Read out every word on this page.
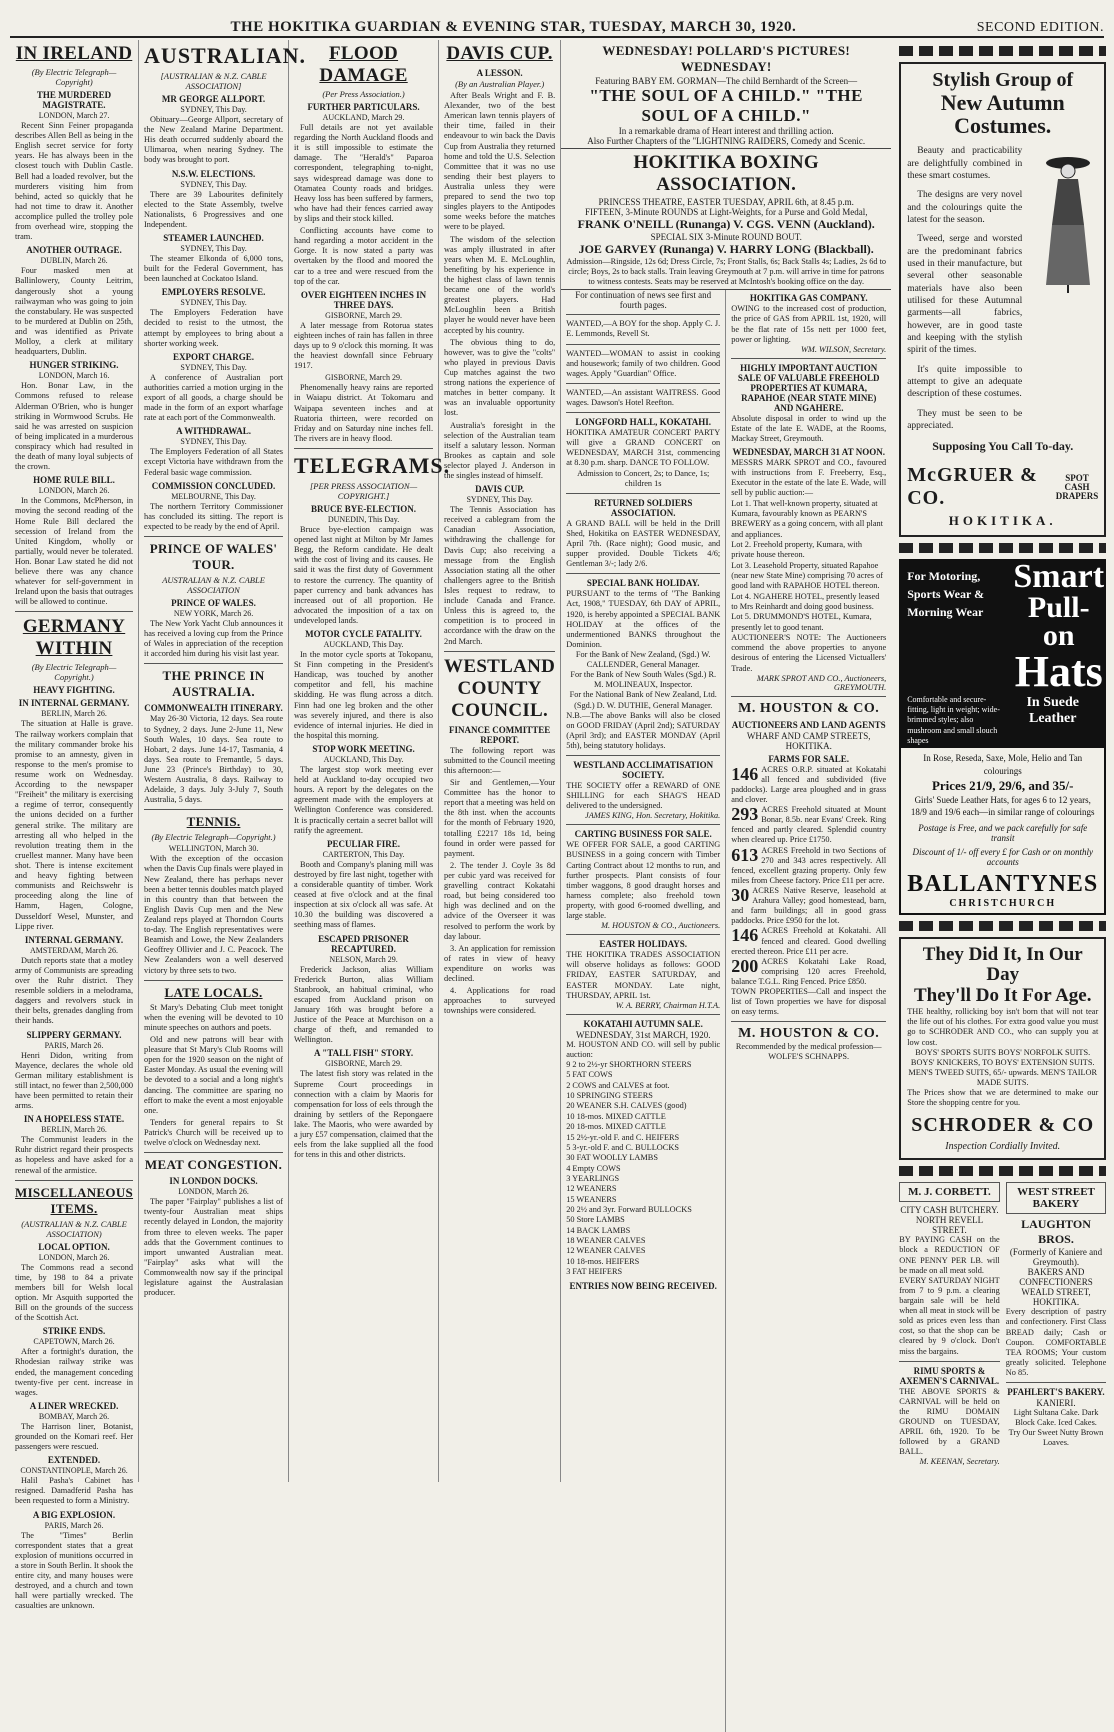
THE HOKITIKA GUARDIAN & EVENING STAR, TUESDAY, MARCH 30, 1920.	SECOND EDITION.
IN IRELAND
(By Electric Telegraph—Copyright)
THE MURDERED MAGISTRATE.
LONDON, March 27.

Recent Sinn Feiner propaganda describes Allen Bell as being in the English secret service for forty years. He has always been in the closest touch with Dublin Castle. Bell had a loaded revolver, but the murderers visiting him from behind, acted so quickly that he had not time to draw it. Another accomplice pulled the trolley pole from overhead wire, stopping the tram.

ANOTHER OUTRAGE.
DUBLIN, March 26.

Four masked men at Ballinlowery, County Leitrim, dangerously shot a young railwayman who was going to join the constabulary. He was suspected to be murdered at Dublin on 25th, and was identified as Private Molloy, a clerk at military headquarters, Dublin.

HUNGER STRIKING.
LONDON, March 16.

Hon. Bonar Law, in the Commons refused to release Alderman O'Brien, who is hunger striking in Wormwood Scrubs. He said he was arrested on suspicion of being implicated in a murderous conspiracy which had resulted in the death of many loyal subjects of the crown.

HOME RULE BILL.
LONDON, March 26.

In the Commons, McPherson, in moving the second reading of the Home Rule Bill declared the secession of Ireland from the United Kingdom, wholly or partially, would never be tolerated. Hon. Bonar Law stated he did not believe there was any chance whatever for self-government in Ireland upon the basis that outrages will be allowed to continue.

GERMANY WITHIN
(By Electric Telegraph—Copyright.)
HEAVY FIGHTING.
IN INTERNAL GERMANY.
BERLIN, March 26.

The situation at Halle is grave. The railway workers complain that the military commander broke his promise to an amnesty, given in response to the men's promise to resume work on Wednesday. According to the newspaper "Freiheit" the military is exercising a regime of terror, consequently the unions decided on a further general strike. The military are arresting all who helped in the revolution treating them in the cruellest manner. Many have been shot. There is intense excitement and heavy fighting between communists and Reichswehr is proceeding along the line of Hamm, Hagen, Cologne, Dusseldorf Wesel, Munster, and Lippe river.

INTERNAL GERMANY.
AMSTERDAM, March 26.

Dutch reports state that a motley army of Communists are spreading over the Ruhr district. They resemble soldiers in a melodrama, daggers and revolvers stuck in their belts, grenades dangling from their hands.

SLIPPERY GERMANY.
PARIS, March 26.

Henri Didon, writing from Mayence, declares the whole old German military establishment is still intact, no fewer than 2,500,000 have been permitted to retain their arms.

IN A HOPELESS STATE.
BERLIN, March 26.

The Communist leaders in the Ruhr district regard their prospects as hopeless and have asked for a renewal of the armistice.

MISCELLANEOUS ITEMS.
(AUSTRALIAN & N.Z. CABLE ASSOCIATION)
LOCAL OPTION.
LONDON, March 26.

The Commons read a second time, by 198 to 84 a private members bill for Welsh local option. Mr Asquith supported the Bill on the grounds of the success of the Scottish Act.

STRIKE ENDS.
CAPETOWN, March 26.

After a fortnight's duration, the Rhodesian railway strike was ended, the management conceding twenty-five per cent. increase in wages.

A LINER WRECKED.
BOMBAY, March 26.

The Harrison liner, Botanist, grounded on the Komari reef. Her passengers were rescued.

EXTENDED.
CONSTANTINOPLE, March 26.

Halil Pasha's Cabinet has resigned. Damadferid Pasha has been requested to form a Ministry.

A BIG EXPLOSION.
PARIS, March 26.

The "Times" Berlin correspondent states that a great explosion of munitions occurred in a store in South Berlin. It shook the entire city, and many houses were destroyed, and a church and town hall were partially wrecked. The casualties are unknown.

AUSTRALIAN.
[AUSTRALIAN & N.Z. CABLE ASSOCIATION]
MR GEORGE ALLPORT.
SYDNEY, This Day.

Obituary—George Allport, secretary of the New Zealand Marine Department. His death occurred suddenly aboard the Ulimaroa, when nearing Sydney. The body was brought to port.

N.S.W. ELECTIONS.
SYDNEY, This Day.

There are 39 Labourites definitely elected to the State Assembly, twelve Nationalists, 6 Progressives and one Independent.

STEAMER LAUNCHED.
SYDNEY, This Day.

The steamer Elkonda of 6,000 tons, built for the Federal Government, has been launched at Cockatoo Island.

EMPLOYERS RESOLVE.
SYDNEY, This Day.

The Employers Federation have decided to resist to the utmost, the attempt by employees to bring about a shorter working week.

EXPORT CHARGE.
SYDNEY, This Day.

A conference of Australian port authorities carried a motion urging in the export of all goods, a charge should be made in the form of an export wharfage rate at each port of the Commonwealth.

A WITHDRAWAL.
SYDNEY, This Day.

The Employers Federation of all States except Victoria have withdrawn from the Federal basic wage commission.

COMMISSION CONCLUDED.
MELBOURNE, This Day.

The northern Territory Commissioner has concluded its sitting. The report is expected to be ready by the end of April.

PRINCE OF WALES' TOUR.
AUSTRALIAN & N.Z. CABLE ASSOCIATION
PRINCE OF WALES.
NEW YORK, March 26.

The New York Yacht Club announces it has received a loving cup from the Prince of Wales in appreciation of the reception it accorded him during his visit last year.

THE PRINCE IN AUSTRALIA.
COMMONWEALTH ITINERARY.

May 26-30 Victoria, 12 days. Sea route to Sydney, 2 days. June 2-June 11, New South Wales, 10 days. Sea route to Hobart, 2 days. June 14-17, Tasmania, 4 days. Sea route to Fremantle, 5 days. June 23 (Prince's Birthday) to 30, Western Australia, 8 days. Railway to Adelaide, 3 days. July 3-July 7, South Australia, 5 days.

TENNIS.
(By Electric Telegraph—Copyright.)
WELLINGTON, March 30.

With the exception of the occasion when the Davis Cup finals were played in New Zealand, there has perhaps never been a better tennis doubles match played in this country than that between the English Davis Cup men and the New Zealand reps played at Thorndon Courts to-day. The English representatives were Beamish and Lowe, the New Zealanders Geoffrey Ollivier and J. C. Peacock. The New Zealanders won a well deserved victory by three sets to two.

LATE LOCALS.

St Mary's Debating Club meet tonight when the evening will be devoted to 10 minute speeches on authors and poets.

Old and new patrons will bear with pleasure that St Mary's Club Rooms will open for the 1920 season on the night of Easter Monday. As usual the evening will be devoted to a social and a long night's dancing. The committee are sparing no effort to make the event a most enjoyable one.

Tenders for general repairs to St Patrick's Church will be received up to twelve o'clock on Wednesday next.

MEAT CONGESTION.
IN LONDON DOCKS.
LONDON, March 26.

The paper "Fairplay" publishes a list of twenty-four Australian meat ships recently delayed in London, the majority from three to eleven weeks. The paper adds that the Government continues to import unwanted Australian meat. "Fairplay" asks what will the Commonwealth now say if the principal legislature against the Australasian producer.

FLOOD DAMAGE
(Per Press Association.)
FURTHER PARTICULARS.
AUCKLAND, March 29.

Full details are not yet available regarding the North Auckland floods and it is still impossible to estimate the damage. The "Herald's" Paparoa correspondent, telegraphing to-night, says widespread damage was done to Otamatea County roads and bridges. Heavy loss has been suffered by farmers, who have had their fences carried away by slips and their stock killed.

Conflicting accounts have come to hand regarding a motor accident in the Gorge. It is now stated a party was overtaken by the flood and moored the car to a tree and were rescued from the top of the car.

OVER EIGHTEEN INCHES IN THREE DAYS.
GISBORNE, March 29.

A later message from Rotorua states eighteen inches of rain has fallen in three days up to 9 o'clock this morning. It was the heaviest downfall since February 1917.

GISBORNE, March 29.

Phenomenally heavy rains are reported in Waiapu district. At Tokomaru and Waipapa seventeen inches and at Ruatoria thirteen, were recorded on Friday and on Saturday nine inches fell. The rivers are in heavy flood.

TELEGRAMS.
[PER PRESS ASSOCIATION—COPYRIGHT.]
BRUCE BYE-ELECTION.
DUNEDIN, This Day.

Bruce bye-election campaign was opened last night at Milton by Mr James Begg, the Reform candidate. He dealt with the cost of living and its causes. He said it was the first duty of Government to restore the currency. The quantity of paper currency and bank advances has increased out of all proportion. He advocated the imposition of a tax on undeveloped lands.

MOTOR CYCLE FATALITY.
AUCKLAND, This Day.

In the motor cycle sports at Tokopanu, St Finn competing in the President's Handicap, was touched by another competitor and fell, his machine skidding. He was flung across a ditch. Finn had one leg broken and the other was severely injured, and there is also evidence of internal injuries. He died in the hospital this morning.

STOP WORK MEETING.
AUCKLAND, This Day.

The largest stop work meeting ever held at Auckland to-day occupied two hours. A report by the delegates on the agreement made with the employers at Wellington Conference was considered. It is practically certain a secret ballot will ratify the agreement.

PECULIAR FIRE.
CARTERTON, This Day.

Booth and Company's planing mill was destroyed by fire last night, together with a considerable quantity of timber. Work ceased at five o'clock and at the final inspection at six o'clock all was safe. At 10.30 the building was discovered a seething mass of flames.

ESCAPED PRISONER RECAPTURED.
NELSON, March 29.

Frederick Jackson, alias William Frederick Burton, alias William Stanbrook, an habitual criminal, who escaped from Auckland prison on January 16th was brought before a Justice of the Peace at Murchison on a charge of theft, and remanded to Wellington.

A "TALL FISH" STORY.
GISBORNE, March 29.

The latest fish story was related in the Supreme Court proceedings in connection with a claim by Maoris for compensation for loss of eels through the draining by settlers of the Repongaere lake. The Maoris, who were awarded by a jury £57 compensation, claimed that the eels from the lake supplied all the food for tens in this and other districts.

DAVIS CUP.
A LESSON.
(By an Australian Player.)

After Beals Wright and F. B. Alexander, two of the best American lawn tennis players of their time, failed in their endeavour to win back the Davis Cup from Australia they returned home and told the U.S. Selection Committee that it was no use sending their best players to Australia unless they were prepared to send the two top singles players to the Antipodes some weeks before the matches were to be played.

The wisdom of the selection was amply illustrated in after years when M. E. McLoughlin, benefiting by his experience in the highest class of lawn tennis became one of the world's greatest players. Had McLoughlin been a British player he would never have been accepted by his country.

The obvious thing to do, however, was to give the "colts" who played in previous Davis Cup matches against the two strong nations the experience of matches in better company. It was an invaluable opportunity lost.

Australia's foresight in the selection of the Australian team itself a salutary lesson. Norman Brookes as captain and sole selector played J. Anderson in the singles instead of himself.

DAVIS CUP.
SYDNEY, This Day.

The Tennis Association has received a cablegram from the Canadian Association, withdrawing the challenge for Davis Cup; also receiving a message from the English Association stating all the other challengers agree to the British Isles request to redraw, to include Canada and France. Unless this is agreed to, the competition is to proceed in accordance with the draw on the 2nd March.

WESTLAND COUNTY COUNCIL.
FINANCE COMMITTEE REPORT.

The following report was submitted to the Council meeting this afternoon:—

Sir and Gentlemen,—Your Committee has the honor to report that a meeting was held on the 8th inst. when the accounts for the month of February 1920, totalling £2217 18s 1d, being found in order were passed for payment.

2. The tender J. Coyle 3s 8d per cubic yard was received for gravelling contract Kokatahi road, but being considered too high was declined and on the advice of the Overseer it was resolved to perform the work by day labour.

3. An application for remission of rates in view of heavy expenditure on works was declined.

4. Applications for road approaches to surveyed townships were considered.

WEDNESDAY! POLLARD'S PICTURES! WEDNESDAY!
Featuring BABY EM. GORMAN—The child Bernhardt of the Screen—
"THE SOUL OF A CHILD." "THE SOUL OF A CHILD."
In a remarkable drama of Heart interest and thrilling action.
Also Further Chapters of the "LIGHTNING RAIDERS, Comedy and Scenic.
HOKITIKA BOXING ASSOCIATION.
PRINCESS THEATRE, EASTER TUESDAY, APRIL 6th, at 8.45 p.m.
FIFTEEN, 3-Minute ROUNDS at Light-Weights, for a Purse and Gold Medal,
FRANK O'NEILL (Runanga) V. CGS. VENN (Auckland).
SPECIAL SIX 3-Minute ROUND BOUT.
JOE GARVEY (Runanga) V. HARRY LONG (Blackball).
Admission—Ringside, 12s 6d; Dress Circle, 7s; Front Stalls, 6s; Back Stalls 4s; Ladies, 2s 6d to circle; Boys, 2s to back stalls. Train leaving Greymouth at 7 p.m. will arrive in time for patrons to witness contests. Seats may be reserved at McIntosh's booking office on the day.
For continuation of news see first and fourth pages.
WANTED,—A BOY for the shop. Apply C. J. E. Lemmonds, Revell St.
WANTED—WOMAN to assist in cooking and housework; family of two children. Good wages. Apply "Guardian" Office.
WANTED,—An assistant WAITRESS. Good wages. Dawson's Hotel Reefton.
LONGFORD HALL, KOKATAHI.
HOKITIKA AMATEUR CONCERT PARTY will give a GRAND CONCERT on WEDNESDAY, MARCH 31st, commencing at 8.30 p.m. sharp. DANCE TO FOLLOW.
Admission to Concert, 2s; to Dance, 1s; children 1s
RETURNED SOLDIERS ASSOCIATION.
A GRAND BALL will be held in the Drill Shed, Hokitika on EASTER WEDNESDAY, April 7th. (Race night); Good music, and supper provided. Double Tickets 4/6; Gentleman 3/-; lady 2/6.
SPECIAL BANK HOLIDAY.
PURSUANT to the terms of "The Banking Act, 1908," TUESDAY, 6th DAY of APRIL, 1920, is hereby appointed a SPECIAL BANK HOLIDAY at the offices of the undermentioned BANKS throughout the Dominion.
For the Bank of New Zealand, (Sgd.) W. CALLENDER, General Manager.
For the Bank of New South Wales (Sgd.) R. M. MOLINEAUX, Inspector.
For the National Bank of New Zealand, Ltd. (Sgd.) D. W. DUTHIE, General Manager.
N.B.—The above Banks will also be closed on GOOD FRIDAY (April 2nd); SATURDAY (April 3rd); and EASTER MONDAY (April 5th), being statutory holidays.
WESTLAND ACCLIMATISATION SOCIETY.
THE SOCIETY offer a REWARD of ONE SHILLING for each SHAG'S HEAD delivered to the undersigned.
JAMES KING, Hon. Secretary, Hokitika.
CARTING BUSINESS FOR SALE.
WE OFFER FOR SALE, a good CARTING BUSINESS in a going concern with Timber Carting Contract about 12 months to run, and further prospects. Plant consists of four timber waggons, 8 good draught horses and harness complete; also freehold town property, with good 6-roomed dwelling, and large stable.
M. HOUSTON & CO., Auctioneers.
EASTER HOLIDAYS.
THE HOKITIKA TRADES ASSOCIATION will observe holidays as follows: GOOD FRIDAY, EASTER SATURDAY, and EASTER MONDAY. Late night, THURSDAY, APRIL 1st.
W. A. BERRY, Chairman H.T.A.
KOKATAHI AUTUMN SALE.
WEDNESDAY, 31st MARCH, 1920.
M. HOUSTON AND CO. will sell by public auction:
9 2 to 2½-yr SHORTHORN STEERS
5 FAT COWS
2 COWS and CALVES at foot.
10 SPRINGING STEERS
20 WEANER S.H. CALVES (good)
10 18-mos. MIXED CATTLE
20 18-mos. MIXED CATTLE
15 2½-yr.-old F. and C. HEIFERS
5 3-yr.-old F. and C. BULLOCKS
30 FAT WOOLLY LAMBS
4 Empty COWS
3 YEARLINGS
12 WEANERS
15 WEANERS
20 2½ and 3yr. Forward BULLOCKS
50 Store LAMBS
14 BACK LAMBS
18 WEANER CALVES
12 WEANER CALVES
10 18-mos. HEIFERS
3 FAT HEIFERS
ENTRIES NOW BEING RECEIVED.
HOKITIKA GAS COMPANY.
OWING to the increased cost of production, the price of GAS from APRIL 1st, 1920, will be the flat rate of 15s nett per 1000 feet, power or lighting.
WM. WILSON, Secretary.
HIGHLY IMPORTANT AUCTION SALE OF VALUABLE FREEHOLD PROPERTIES AT KUMARA, RAPAHOE (NEAR STATE MINE) AND NGAHERE.
Absolute disposal in order to wind up the Estate of the late E. WADE, at the Rooms, Mackay Street, Greymouth.
WEDNESDAY, MARCH 31 AT NOON.
MESSRS MARK SPROT and CO., favoured with instructions from F. Freeberry, Esq., Executor in the estate of the late E. Wade, will sell by public auction:—
Lot 1. That well-known property, situated at Kumara, favourably known as PEARN'S BREWERY as a going concern, with all plant and appliances.
Lot 2. Freehold property, Kumara, with private house thereon.
Lot 3. Leasehold Property, situated Rapahoe (near new State Mine) comprising 70 acres of good land with RAPAHOE HOTEL thereon.
Lot 4. NGAHERE HOTEL, presently leased to Mrs Reinhardt and doing good business.
Lot 5. DRUMMOND'S HOTEL, Kumara, presently let to good tenant.
AUCTIONEER'S NOTE: The Auctioneers commend the above properties to anyone desirous of entering the Licensed Victuallers' Trade.
MARK SPROT AND CO., Auctioneers, GREYMOUTH.
M. HOUSTON & CO.
AUCTIONEERS AND LAND AGENTS
WHARF AND CAMP STREETS, HOKITIKA.
FARMS FOR SALE.
146 ACRES O.R.P. situated at Kokatahi all fenced and subdivided (five paddocks). Large area ploughed and in grass and clover.
293 ACRES Freehold situated at Mount Bonar, 8.5b. near Evans' Creek. Ring fenced and partly cleared. Splendid country when cleared up. Price £1750.
613 ACRES Freehold in two Sections of 270 and 343 acres respectively. All fenced, excellent grazing property. Only few miles from Cheese factory. Price £11 per acre.
30 ACRES Native Reserve, leasehold at Arahura Valley; good homestead, barn, and farm buildings; all in good grass paddocks. Price £950 for the lot.
146 ACRES Freehold at Kokatahi. All fenced and cleared. Good dwelling erected thereon. Price £11 per acre.
200 ACRES Kokatahi Lake Road, comprising 120 acres Freehold, balance T.G.L. Ring Fenced. Price £850.
TOWN PROPERTIES—Call and inspect the list of Town properties we have for disposal on easy terms.
M. HOUSTON & CO.
Recommended by the medical profession—WOLFE'S SCHNAPPS.
Stylish Group of
New Autumn Costumes.

Beauty and practicability are delightfully combined in these smart costumes.

The designs are very novel and the colourings quite the latest for the season.

Tweed, serge and worsted are the predominant fabrics used in their manufacture, but several other seasonable materials have also been utilised for these Autumnal garments—all fabrics, however, are in good taste and keeping with the stylish spirit of the times.

It's quite impossible to attempt to give an adequate description of these costumes.

They must be seen to be appreciated.

Supposing You Call To-day.
McGRUER & CO.
SPOT CASH
DRAPERS
HOKITIKA.
For Motoring,
Sports Wear &
Morning Wear
Smart
Pull-on
Hats
Comfortable and secure-fitting, light in weight; wide-brimmed styles; also mushroom and small slouch shapes
In Suede Leather
In Rose, Reseda, Saxe, Mole, Helio and Tan colourings
Prices 21/9, 29/6, and 35/-
Girls' Suede Leather Hats, for ages 6 to 12 years, 18/9 and 19/6 each—in similar range of colourings
Postage is Free, and we pack carefully for safe transit
Discount of 1/- off every £ for Cash or on monthly accounts
BALLANTYNES
CHRISTCHURCH
They Did It, In Our Day
They'll Do It For Age.
THE healthy, rollicking boy isn't born that will not tear the life out of his clothes. For extra good value you must go to SCHRODER AND CO., who can supply you at low cost.
BOYS' SPORTS SUITS BOYS' NORFOLK SUITS. BOYS' KNICKERS, TO BOYS' EXTENSION SUITS. MEN'S TWEED SUITS, 65/- upwards. MEN'S TAILOR MADE SUITS.
The Prices show that we are determined to make our Store the shopping centre for you.
SCHRODER & CO
Inspection Cordially Invited.
M. J. CORBETT.
CITY CASH BUTCHERY.
NORTH REVELL STREET.
BY PAYING CASH on the block a REDUCTION OF ONE PENNY PER LB. will be made on all meat sold.
EVERY SATURDAY NIGHT from 7 to 9 p.m. a clearing bargain sale will be held when all meat in stock will be sold as prices even less than cost, so that the shop can be cleared by 9 o'clock. Don't miss the bargains.
RIMU SPORTS & AXEMEN'S CARNIVAL.
THE ABOVE SPORTS & CARNIVAL will be held on the RIMU DOMAIN GROUND on TUESDAY, APRIL 6th, 1920. To be followed by a GRAND BALL.
M. KEENAN, Secretary.
WEST STREET BAKERY
LAUGHTON BROS.
(Formerly of Kaniere and Greymouth).
BAKERS AND CONFECTIONERS WEALD STREET, HOKITIKA.
Every description of pastry and confectionery. First Class BREAD daily; Cash or Coupon. COMFORTABLE TEA ROOMS; Your custom greatly solicited. Telephone No 85.
PFAHLERT'S BAKERY.
KANIERI.
Light Sultana Cake. Dark Block Cake. Iced Cakes.
Try Our Sweet Nutty Brown Loaves.
